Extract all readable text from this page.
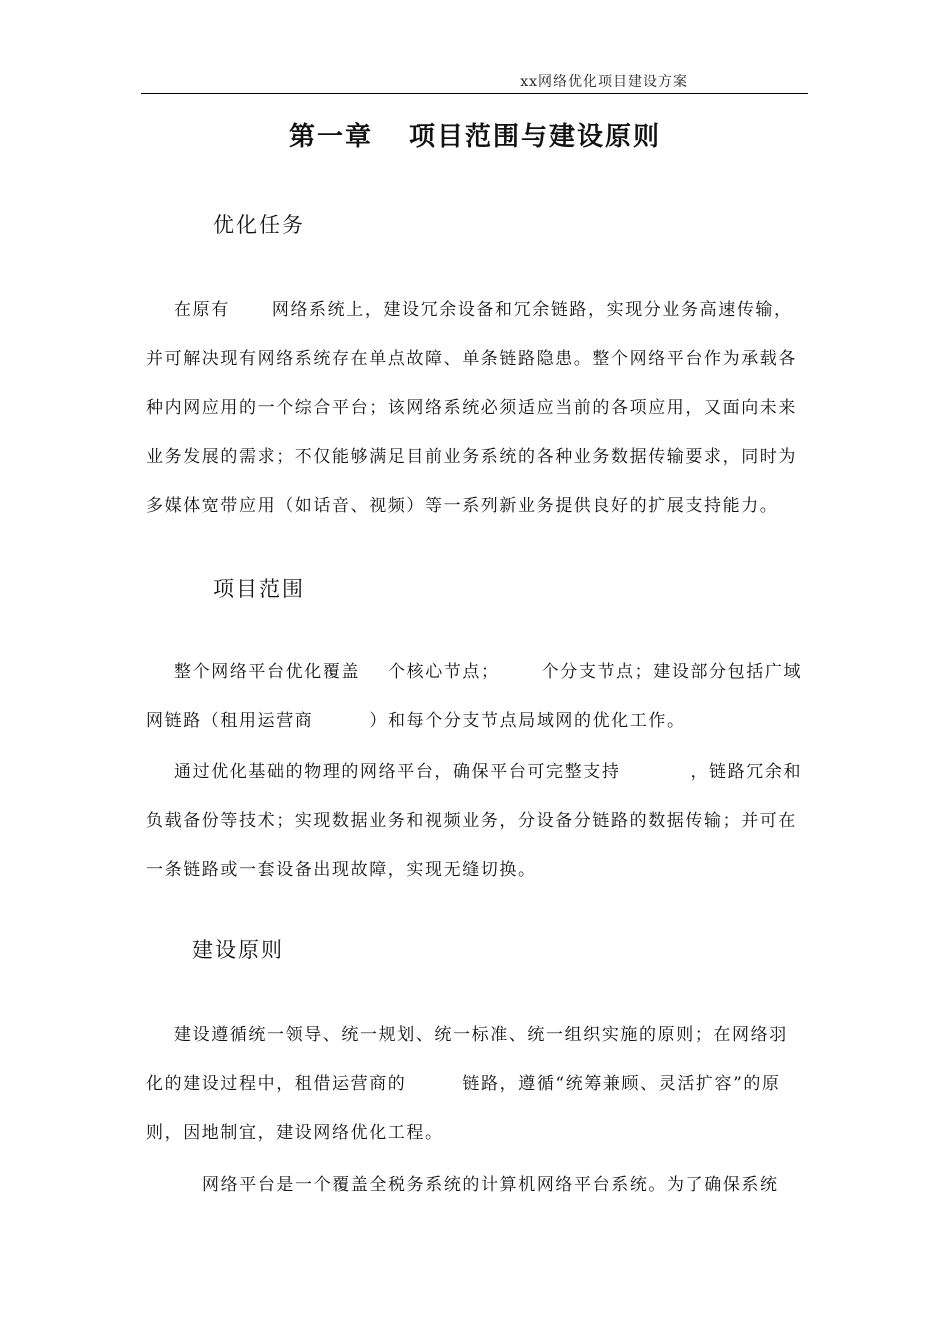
xx网络优化项目建设方案
第一章 项目范围与建设原则
优化任务
在原有      网络系统上，建设冗余设备和冗余链路，实现分业务高速传输，
并可解决现有网络系统存在单点故障、单条链路隐患。整个网络平台作为承载各
种内网应用的一个综合平台；该网络系统必须适应当前的各项应用，又面向未来
业务发展的需求；不仅能够满足目前业务系统的各种业务数据传输要求，同时为
多媒体宽带应用（如话音、视频）等一系列新业务提供良好的扩展支持能力。
项目范围
整个网络平台优化覆盖    个核心节点；      个分支节点；建设部分包括广域
网链路（租用运营商        ）和每个分支节点局域网的优化工作。
通过优化基础的物理的网络平台，确保平台可完整支持          ，链路冗余和
负载备份等技术；实现数据业务和视频业务，分设备分链路的数据传输；并可在
一条链路或一套设备出现故障，实现无缝切换。
建设原则
建设遵循统一领导、统一规划、统一标准、统一组织实施的原则；在网络羽
化的建设过程中，租借运营商的        链路，遵循“统筹兼顾、灵活扩容”的原
则，因地制宜，建设网络优化工程。
网络平台是一个覆盖全税务系统的计算机网络平台系统。为了确保系统
